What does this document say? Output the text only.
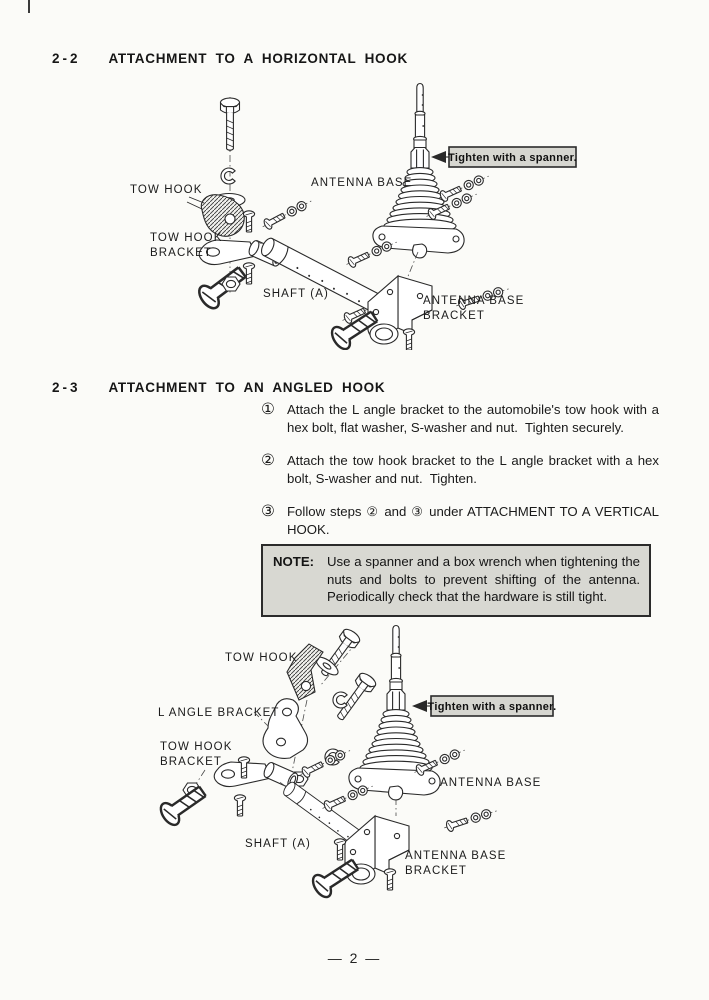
2-2 ATTACHMENT TO A HORIZONTAL HOOK
TOW HOOK
TOW HOOK
BRACKET
SHAFT (A)
ANTENNA BASE
ANTENNA BASE
BRACKET
Tighten with a spanner.
2-3 ATTACHMENT TO AN ANGLED HOOK
① Attach the L angle bracket to the automobile's tow hook with a hex bolt, flat washer, S-washer and nut.  Tighten securely.
② Attach the tow hook bracket to the L angle bracket with a hex bolt, S-washer and nut.  Tighten.
③ Follow steps ② and ③ under ATTACHMENT TO A VERTICAL HOOK.
NOTE: Use a spanner and a box wrench when tightening the nuts and bolts to prevent shifting of the antenna.  Periodically check that the hardware is still tight.
TOW HOOK
L ANGLE BRACKET
TOW HOOK
BRACKET
SHAFT (A)
ANTENNA BASE
ANTENNA BASE
BRACKET
Tighten with a spanner.
— 2 —
